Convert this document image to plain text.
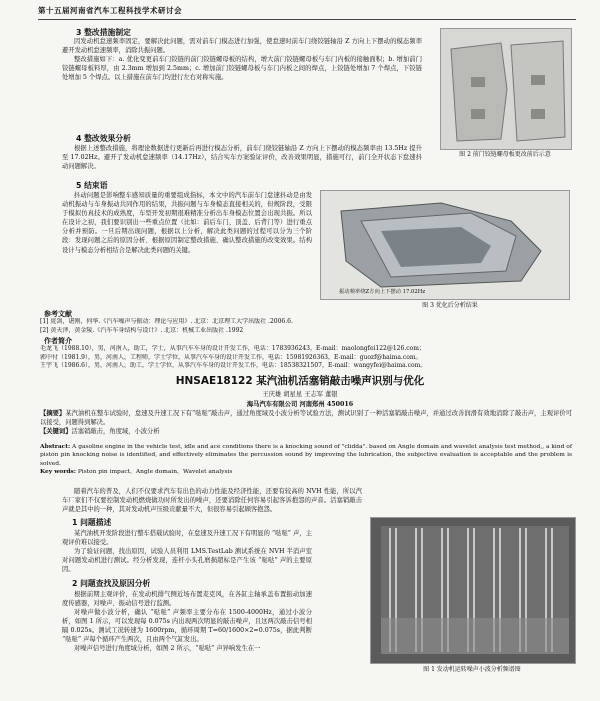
第十五届河南省汽车工程科技学术研讨会
3 整改措施制定

因发动机怠速频率固定，要解决此问题，需对前车门模态进行加强，使怠速时前车门绕铰链轴沿 Z 方向上下摆动的模态频率避开发动机怠速频率，消除共振问题。

整改措施如下：a. 优化变更前车门铰链的前门铰链螺母板的结构，增大前门铰链螺母板与车门内板的接触面积；b. 增加前门铰链螺母板料厚，由 2.3mm 增加到 2.5mm；c. 增加前门铰链螺母板与车门内板之间的焊点，上铰链处增加 7 个焊点，下铰链处增加 5 个焊点。以上措施在前车门均进行左右对称实施。

图 2 前门铰链螺母板更改前后示意
4 整改效果分析

根据上述整改措施，将理论数据进行更新后再进行模态分析，前车门绕铰链轴沿 Z 方向上下摆动的模态频率由 13.5Hz 提升至 17.02Hz。避开了发动机怠速频率（14.17Hz），结合实车方案验证评价，改善效果明显，措施可行，前门全开状态下怠速抖动问题解决。

5 结束语

抖动问题是影响整车感知质量的重要组成指标，本文中的汽车前车门怠速抖动是由发动机振动与车身振动共同作用的结果，共振问题与车身模态直接相关的，但规阶段，受限于模拟仿真技术的成熟度，车型开发初期很难精准分析出车身模态位置会出现共振。所以在设计之初，我们要识别出一些重点位置（比如：前后车门、顶盖、后背门等）进行重点分析并预防。一旦后期出现问题，根据以上分析，解决此类问题的过程可以分为三个阶段：发现问题之后的原因分析、根据原因制定整改措施、确认整改措施的改变效果。结构设计与模态分析相结合是解决此类问题的关键。

振动频率绕Z方向上下摆动 17.02Hz
图 3 优化后分析结果
参考文献
[1] 庞剑，谌刚，何华.《汽车噪声与振动：理论与应用》. 北京：北京理工大学出版社 .2006.6.
[2] 黄天泽，黄金陵.《汽车车身结构与设计》. 北京：机械工业出版社 .1992
作者简介
毛龙飞（1988.10），男，河南人，助工，学士，从事汽车车身的设计开发工作，电话：1783936243，E-mail：maolongfei122@126.com；
郭中付（1981.9），男，河南人，工程师，学士学位，从事汽车车身的设计开发工作，电话：15981926363，E-mail：guozf@haima.com。
王宇飞（1986.6），男，河南人，助工，学士学位，从事汽车车身的设计开发工作，电话：18538321507，E-mail：wangyfei@haima.com。
HNSAE18122 某汽油机活塞销敲击噪声识别与优化
王庆雄 胡星星 王志军 董银
海马汽车有限公司 河南郑州 450016
【摘要】某汽油机在整车试验时，怠速及升速工况下有“哒哒”敲击声，通过角度域及小波分析等试验方法，测试识别了一种活塞销敲击噪声，并通过改善润滑有效地消除了敲击声，主观评价可以接受，问题得到解决。
【关键词】活塞销敲击，角度域，小波分析
Abstract: A gasoline engine in the vehicle test, idle and ace conditions there is a knocking sound of "clidda". based on Angle domain and wavelet analysis test method,, a kind of piston pin knocking noise is identified, and effectively eliminates the percussion sound by improving the lubrication, the subjective evaluation is acceptable and the problem is solved.
Key words: Piston pin impact，Angle domain，Wavelet analysis

随着汽车的普及，人们不仅要求汽车有出色的动力性能及经济性能，还要有较高的 NVH 性能，所以汽车厂家们不仅要控制发动机燃烧做功时所发出的噪声，还要消除任何容易引起客诉抱怨的声音。活塞销敲击声就是其中的一种，其对发动机声压级贡献量不大，但很容易引起顾客抱怨。

1 问题描述

某汽油机开发阶段进行整车搭载试验时，在怠速及升速工况下有明显的 “哒哒” 声，主观评价难以接受。

为了验证问题，找出原因，试验人员利用 LMS.TestLab 测试系统在 NVH 半消声室对问题发动机进行测试。经分析发现，连杆小头孔磨损超标是产生该 “哒哒” 声的主要原因。

2 问题查找及原因分析

根据前期主观评价，在发动机排气侧近场布置麦克风，在各缸主轴承盖布置振动加速度传感器，对噪声、振动信号进行监测。

对噪声做小波分析，确认 “哒哒” 声频率主要分布在 1500-4000Hz，通过小波分析，如图 1 所示，可以发现每 0.075s 内出现两次明显的敲击噪声，且这两次敲击信号相隔 0.025s。测试工况转速为 1600rpm，循环周期 T=60/1600×2=0.075s，据此判断 “哒哒” 声每个循环产生两次，且由两个气缸发出。

对噪声信号进行角度域分析，如图 2 所示，“哒哒” 声异响发生在一

图 1 发动机运转噪声小波分析频谱图
